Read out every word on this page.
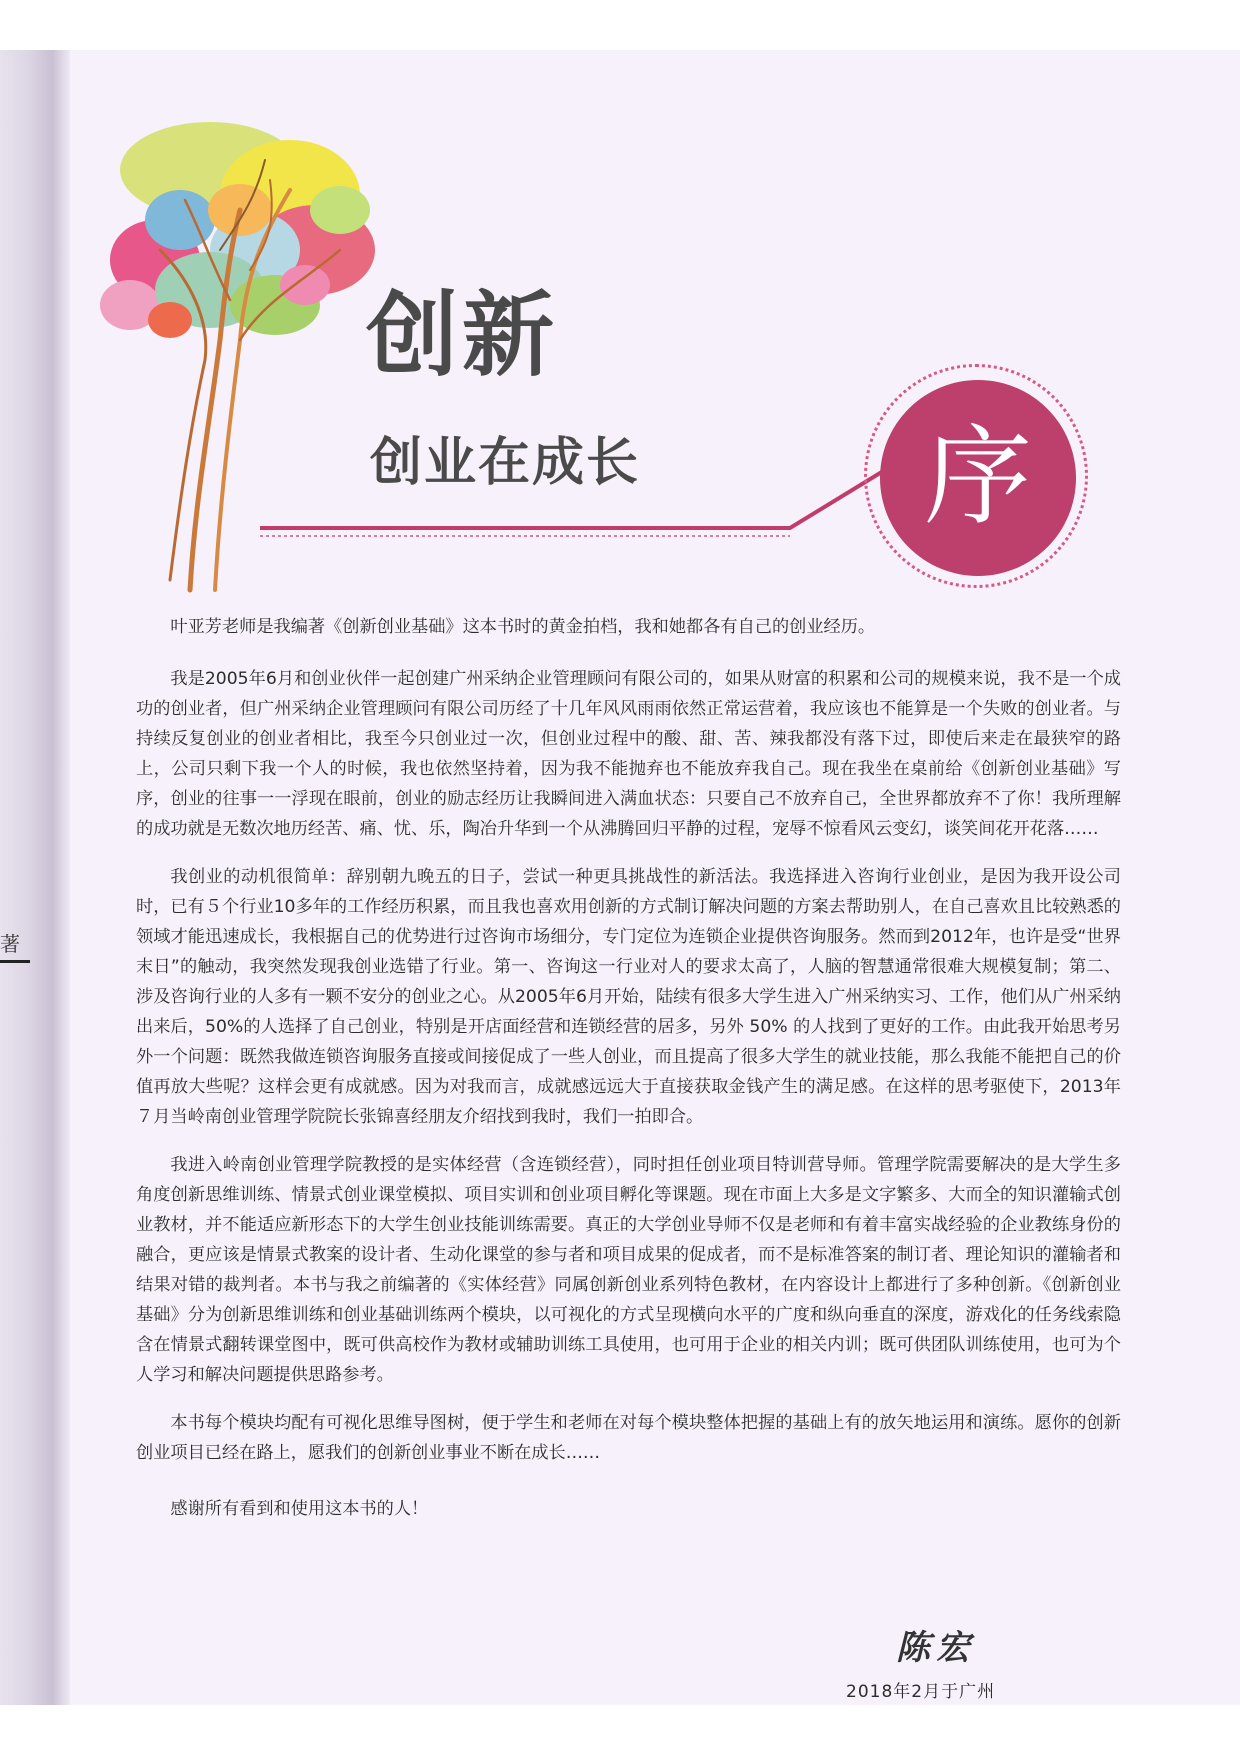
著
创新
创业在成长	序

叶亚芳老师是我编著《创新创业基础》这本书时的黄金拍档，我和她都各有自己的创业经历。

我是2005年6月和创业伙伴一起创建广州采纳企业管理顾问有限公司的，如果从财富的积累和公司的规模来说，我不是一个成功的创业者，但广州采纳企业管理顾问有限公司历经了十几年风风雨雨依然正常运营着，我应该也不能算是一个失败的创业者。与持续反复创业的创业者相比，我至今只创业过一次，但创业过程中的酸、甜、苦、辣我都没有落下过，即使后来走在最狭窄的路上，公司只剩下我一个人的时候，我也依然坚持着，因为我不能抛弃也不能放弃我自己。现在我坐在桌前给《创新创业基础》写序，创业的往事一一浮现在眼前，创业的励志经历让我瞬间进入满血状态：只要自己不放弃自己，全世界都放弃不了你！我所理解的成功就是无数次地历经苦、痛、忧、乐，陶冶升华到一个从沸腾回归平静的过程，宠辱不惊看风云变幻，谈笑间花开花落……

我创业的动机很简单：辞别朝九晚五的日子，尝试一种更具挑战性的新活法。我选择进入咨询行业创业，是因为我开设公司时，已有５个行业10多年的工作经历积累，而且我也喜欢用创新的方式制订解决问题的方案去帮助别人，在自己喜欢且比较熟悉的领域才能迅速成长，我根据自己的优势进行过咨询市场细分，专门定位为连锁企业提供咨询服务。然而到2012年，也许是受“世界末日”的触动，我突然发现我创业选错了行业。第一、咨询这一行业对人的要求太高了，人脑的智慧通常很难大规模复制；第二、涉及咨询行业的人多有一颗不安分的创业之心。从2005年6月开始，陆续有很多大学生进入广州采纳实习、工作，他们从广州采纳出来后，50%的人选择了自己创业，特别是开店面经营和连锁经营的居多，另外 50% 的人找到了更好的工作。由此我开始思考另外一个问题：既然我做连锁咨询服务直接或间接促成了一些人创业，而且提高了很多大学生的就业技能，那么我能不能把自己的价值再放大些呢？这样会更有成就感。因为对我而言，成就感远远大于直接获取金钱产生的满足感。在这样的思考驱使下，2013年７月当岭南创业管理学院院长张锦喜经朋友介绍找到我时，我们一拍即合。

我进入岭南创业管理学院教授的是实体经营（含连锁经营），同时担任创业项目特训营导师。管理学院需要解决的是大学生多角度创新思维训练、情景式创业课堂模拟、项目实训和创业项目孵化等课题。现在市面上大多是文字繁多、大而全的知识灌输式创业教材，并不能适应新形态下的大学生创业技能训练需要。真正的大学创业导师不仅是老师和有着丰富实战经验的企业教练身份的融合，更应该是情景式教案的设计者、生动化课堂的参与者和项目成果的促成者，而不是标准答案的制订者、理论知识的灌输者和结果对错的裁判者。本书与我之前编著的《实体经营》同属创新创业系列特色教材，在内容设计上都进行了多种创新。《创新创业基础》分为创新思维训练和创业基础训练两个模块，以可视化的方式呈现横向水平的广度和纵向垂直的深度，游戏化的任务线索隐含在情景式翻转课堂图中，既可供高校作为教材或辅助训练工具使用，也可用于企业的相关内训；既可供团队训练使用，也可为个人学习和解决问题提供思路参考。

本书每个模块均配有可视化思维导图树，便于学生和老师在对每个模块整体把握的基础上有的放矢地运用和演练。愿你的创新创业项目已经在路上，愿我们的创新创业事业不断在成长……

感谢所有看到和使用这本书的人！

陈宏

2018年2月于广州
